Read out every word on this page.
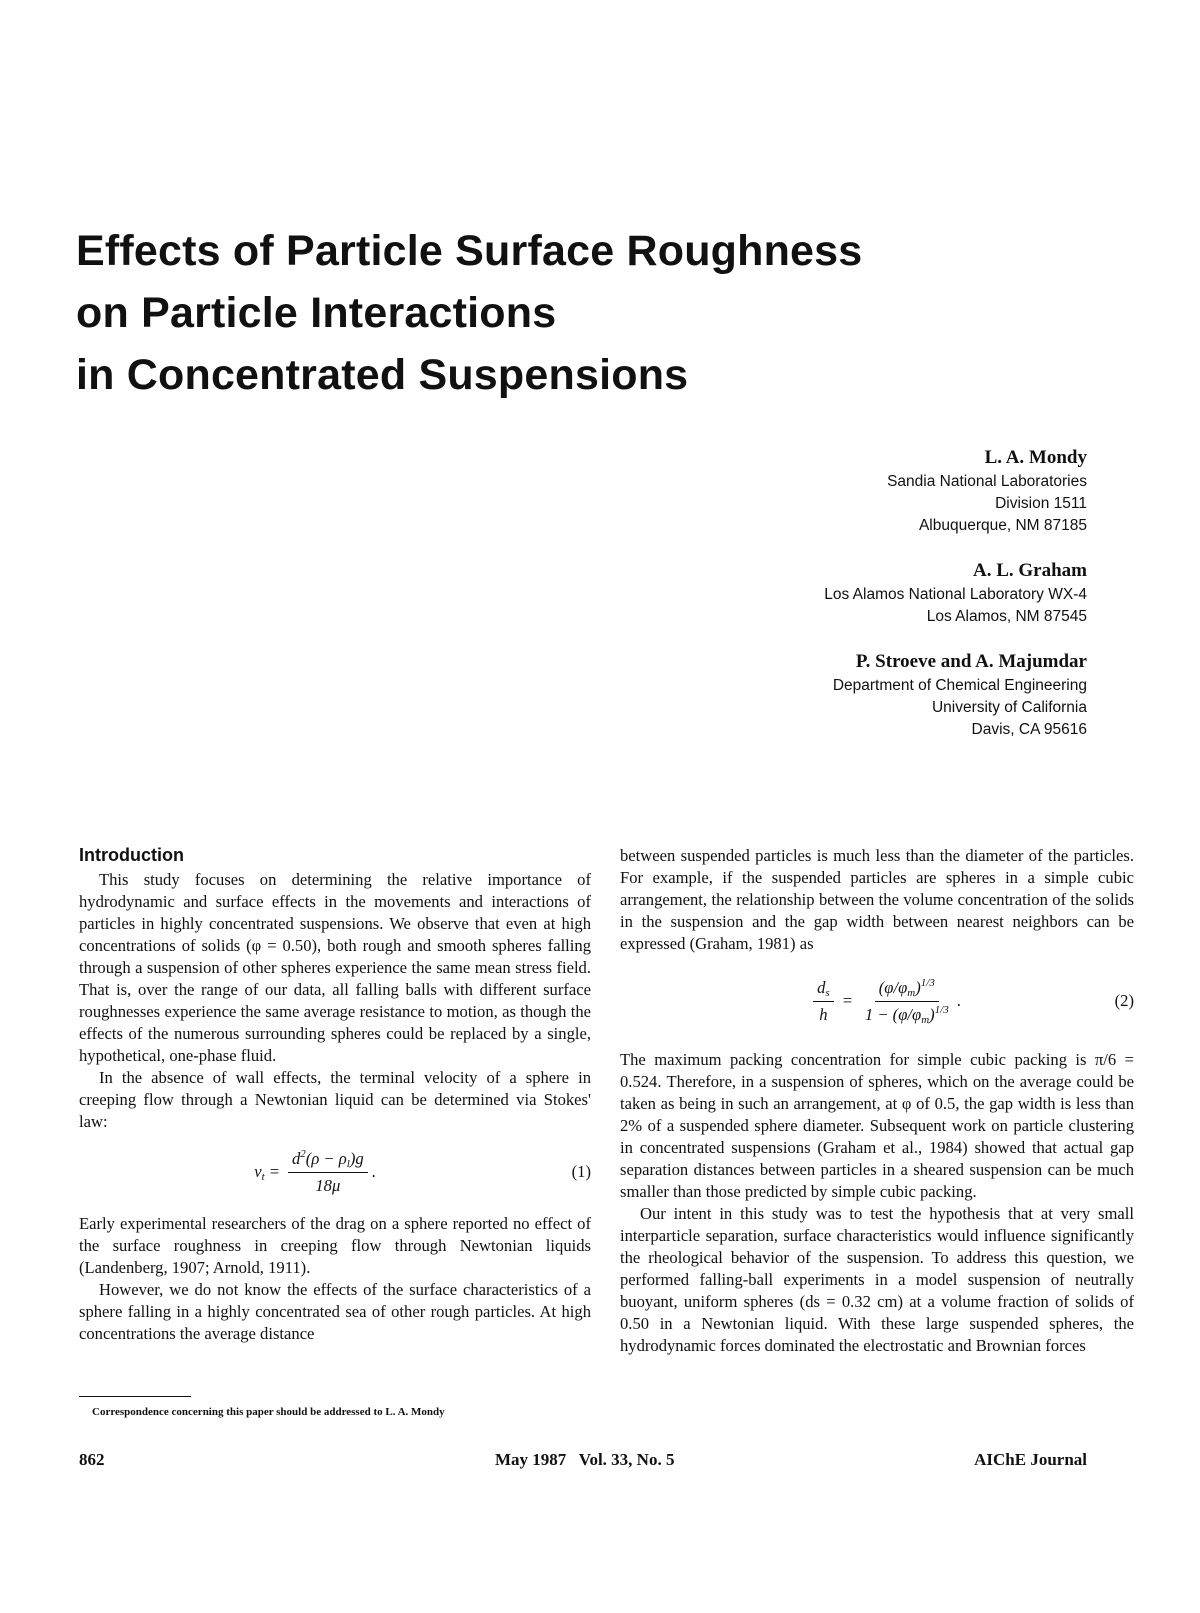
Effects of Particle Surface Roughness
on Particle Interactions
in Concentrated Suspensions
L. A. Mondy
Sandia National Laboratories
Division 1511
Albuquerque, NM 87185
A. L. Graham
Los Alamos National Laboratory WX-4
Los Alamos, NM 87545
P. Stroeve and A. Majumdar
Department of Chemical Engineering
University of California
Davis, CA 95616
Introduction

This study focuses on determining the relative importance of hydrodynamic and surface effects in the movements and interactions of particles in highly concentrated suspensions. We observe that even at high concentrations of solids (φ = 0.50), both rough and smooth spheres falling through a suspension of other spheres experience the same mean stress field. That is, over the range of our data, all falling balls with different surface roughnesses experience the same average resistance to motion, as though the effects of the numerous surrounding spheres could be replaced by a single, hypothetical, one-phase fluid.

In the absence of wall effects, the terminal velocity of a sphere in creeping flow through a Newtonian liquid can be determined via Stokes' law:

$v_t = \frac{d^2(\rho - \rho_l)g}{18\mu}$ .	(1)

Early experimental researchers of the drag on a sphere reported no effect of the surface roughness in creeping flow through Newtonian liquids (Landenberg, 1907; Arnold, 1911).

However, we do not know the effects of the surface characteristics of a sphere falling in a highly concentrated sea of other rough particles. At high concentrations the average distance

between suspended particles is much less than the diameter of the particles. For example, if the suspended particles are spheres in a simple cubic arrangement, the relationship between the volume concentration of the solids in the suspension and the gap width between nearest neighbors can be expressed (Graham, 1981) as

$\frac{d_s}{h} = \frac{(\varphi/\varphi_m)^{1/3}}{1 - (\varphi/\varphi_m)^{1/3}}$ .	(2)

The maximum packing concentration for simple cubic packing is π/6 = 0.524. Therefore, in a suspension of spheres, which on the average could be taken as being in such an arrangement, at φ of 0.5, the gap width is less than 2% of a suspended sphere diameter. Subsequent work on particle clustering in concentrated suspensions (Graham et al., 1984) showed that actual gap separation distances between particles in a sheared suspension can be much smaller than those predicted by simple cubic packing.

Our intent in this study was to test the hypothesis that at very small interparticle separation, surface characteristics would influence significantly the rheological behavior of the suspension. To address this question, we performed falling-ball experiments in a model suspension of neutrally buoyant, uniform spheres (ds = 0.32 cm) at a volume fraction of solids of 0.50 in a Newtonian liquid. With these large suspended spheres, the hydrodynamic forces dominated the electrostatic and Brownian forces

Correspondence concerning this paper should be addressed to L. A. Mondy
862	May 1987   Vol. 33, No. 5	AIChE Journal
